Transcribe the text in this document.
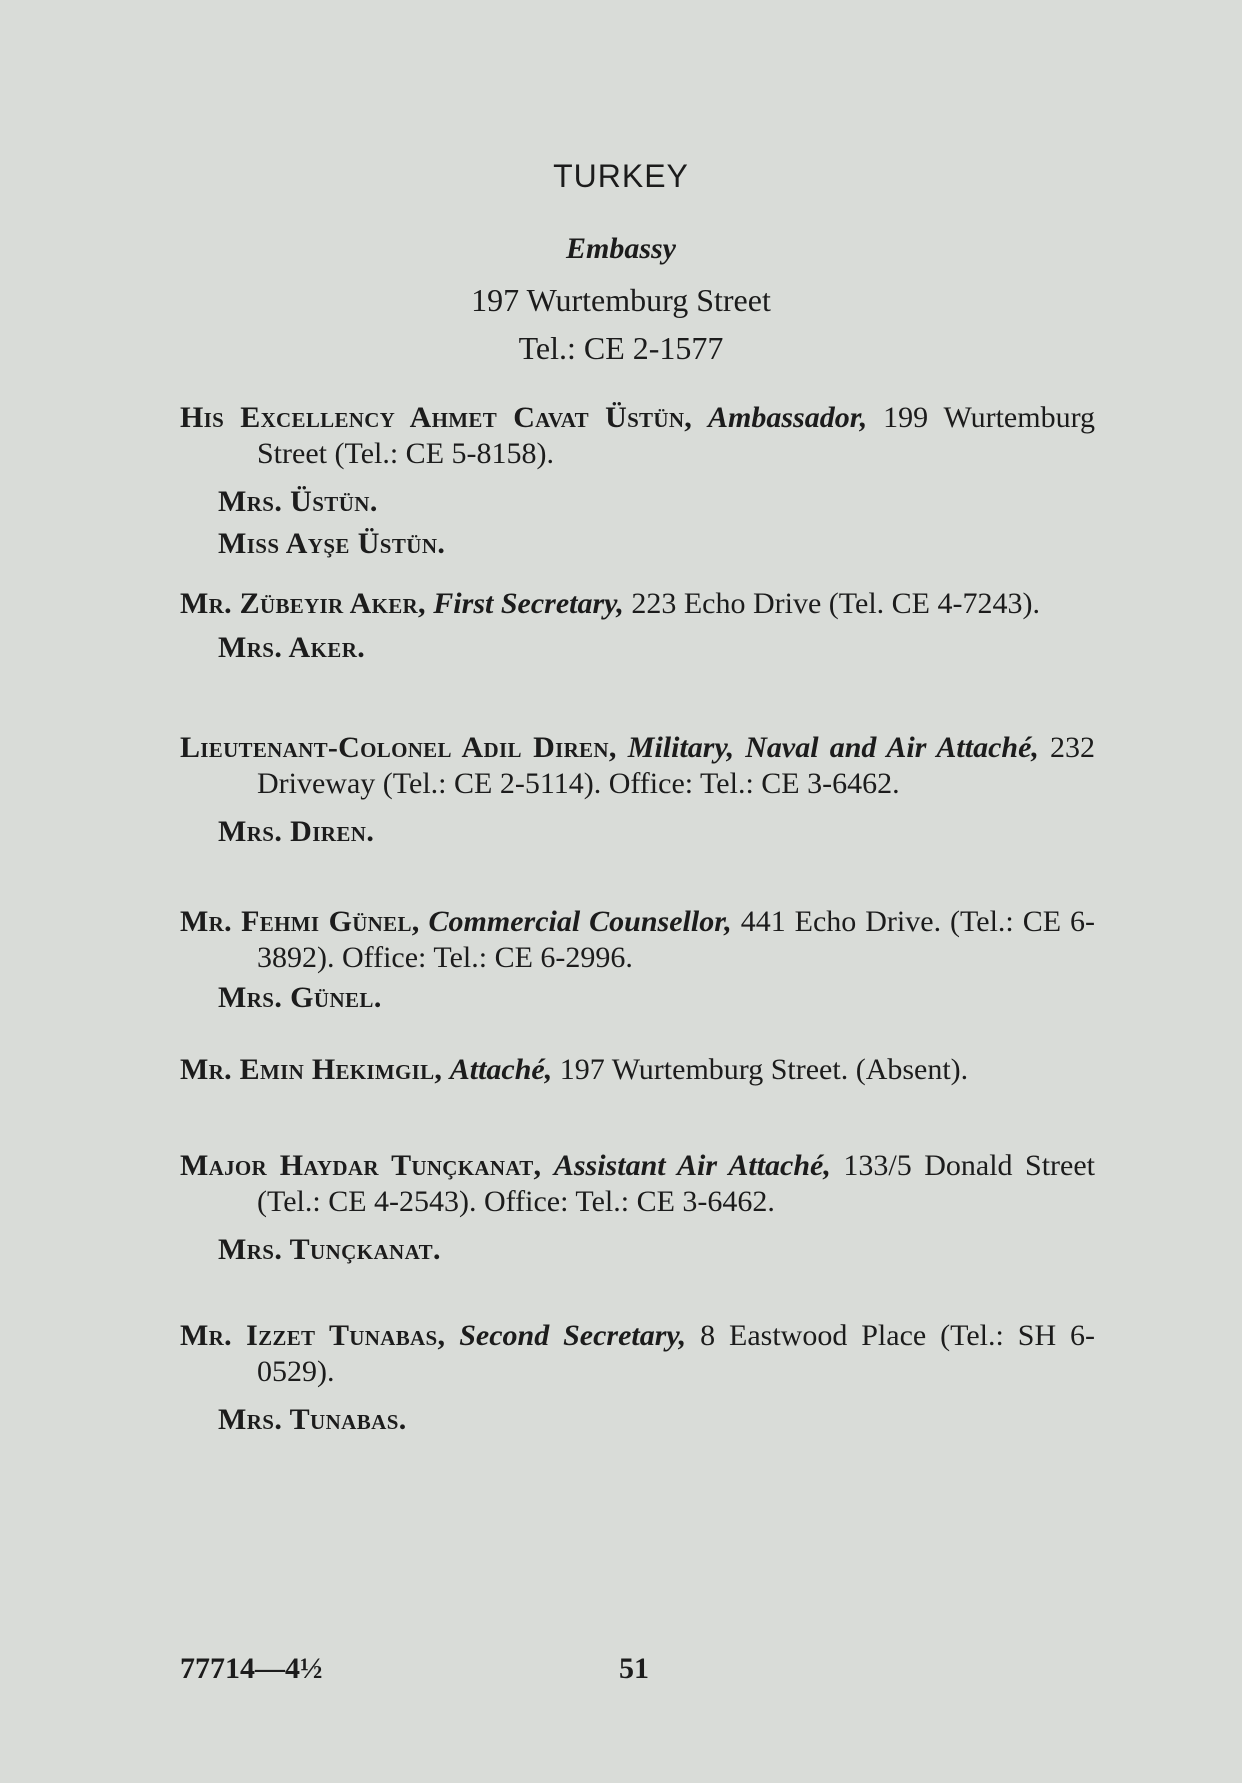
TURKEY
Embassy
197 Wurtemburg Street
Tel.: CE 2-1577
His Excellency Ahmet Cavat Üstün, Ambassador, 199 Wurtemburg Street (Tel.: CE 5-8158).
Mrs. Üstün.
Miss Ayşe Üstün.
Mr. Zübeyir Aker, First Secretary, 223 Echo Drive (Tel. CE 4-7243).
Mrs. Aker.
Lieutenant-Colonel Adil Diren, Military, Naval and Air Attaché, 232 Driveway (Tel.: CE 2-5114). Office: Tel.: CE 3-6462.
Mrs. Diren.
Mr. Fehmi Günel, Commercial Counsellor, 441 Echo Drive. (Tel.: CE 6-3892). Office: Tel.: CE 6-2996.
Mrs. Günel.
Mr. Emin Hekimgil, Attaché, 197 Wurtemburg Street. (Absent).
Major Haydar Tunçkanat, Assistant Air Attaché, 133/5 Donald Street (Tel.: CE 4-2543). Office: Tel.: CE 3-6462.
Mrs. Tunçkanat.
Mr. Izzet Tunabas, Second Secretary, 8 Eastwood Place (Tel.: SH 6-0529).
Mrs. Tunabas.
77714—4½	51
